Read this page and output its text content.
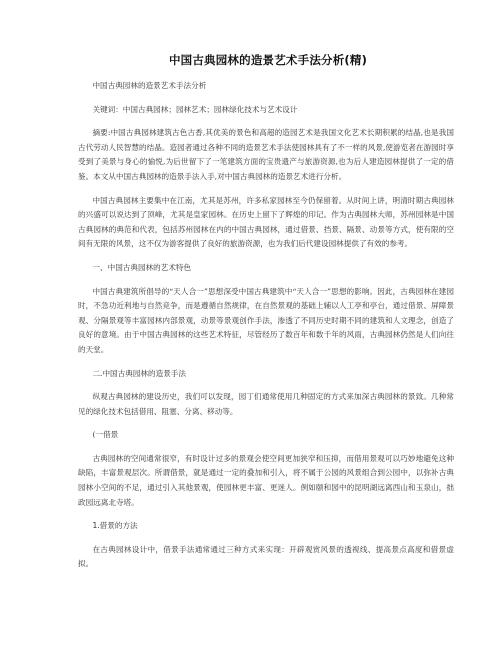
中国古典园林的造景艺术手法分析(精)

中国古典园林的造景艺术手法分析

关键词：中国古典园林；园林艺术；园林绿化技术与艺术设计

摘要:中国古典园林建筑古色古香,其优美的景色和高超的造园艺术是我国文化艺术长期积累的结晶,也是我国古代劳动人民智慧的结晶。造园者通过各种不同的造景艺术手法使园林具有了不一样的风景,使游览者在游园时享受到了美景与身心的愉悦,为后世留下了一笔建筑方面的宝贵遗产与旅游资源,也为后人建造园林提供了一定的借鉴。本文从中国古典园林的造景手法入手,对中国古典园林的造景艺术进行分析。

中国古典园林主要集中在江南，尤其是苏州，许多私家园林至今仍保留着。从时间上讲，明清时期古典园林的兴盛可以说达到了顶峰，尤其是皇家园林。在历史上留下了辉煌的印记。作为古典园林大师，苏州园林是中国古典园林的典范和代表，包括苏州园林在内的中国古典园林，通过借景、挡景、隔景、动景等方式，使有限的空间有无限的风景，这不仅为游客提供了良好的旅游资源，也为我们后代建设园林提供了有效的参考。

一、中国古典园林的艺术特色

中国古典建筑所倡导的“天人合一”思想深受中国古典建筑中“天人合一”思想的影响。因此，古典园林在建园时，不急功近利地与自然竞争，而是遵循自然规律，在自然景观的基础上辅以人工亭和亭台，通过借景、屏障景观、分隔景观等丰富园林内部景观，动景等景观创作手法，渗透了不同历史时期不同的建筑和人文理念，创造了良好的意境。由于中国古典园林的这些艺术特征，尽管经历了数百年和数千年的风雨，古典园林仍然是人们向往的天堂。

二.中国古典园林的造景手法

纵观古典园林的建设历史，我们可以发现，园丁们通常使用几种固定的方式来加深古典园林的景致。几种常见的绿化技术包括借用、阻塞、分离、移动等。

(一借景

古典园林的空间通常很窄，有时设计过多的景观会使空间更加狭窄和压抑，而借用景观可以巧妙地避免这种缺陷，丰富景观层次。所谓借景，就是通过一定的叠加和引入，将不属于公园的风景组合到公园中，以弥补古典园林小空间的不足，通过引入其他景观，使园林更丰富、更迷人。例如颐和园中的昆明湖远离西山和玉泉山，拙政园远离北寺塔。

1.借景的方法

在古典园林设计中，借景手法通常通过三种方式来实现：开辟观赏风景的透视线、提高景点高度和借景虚拟。
